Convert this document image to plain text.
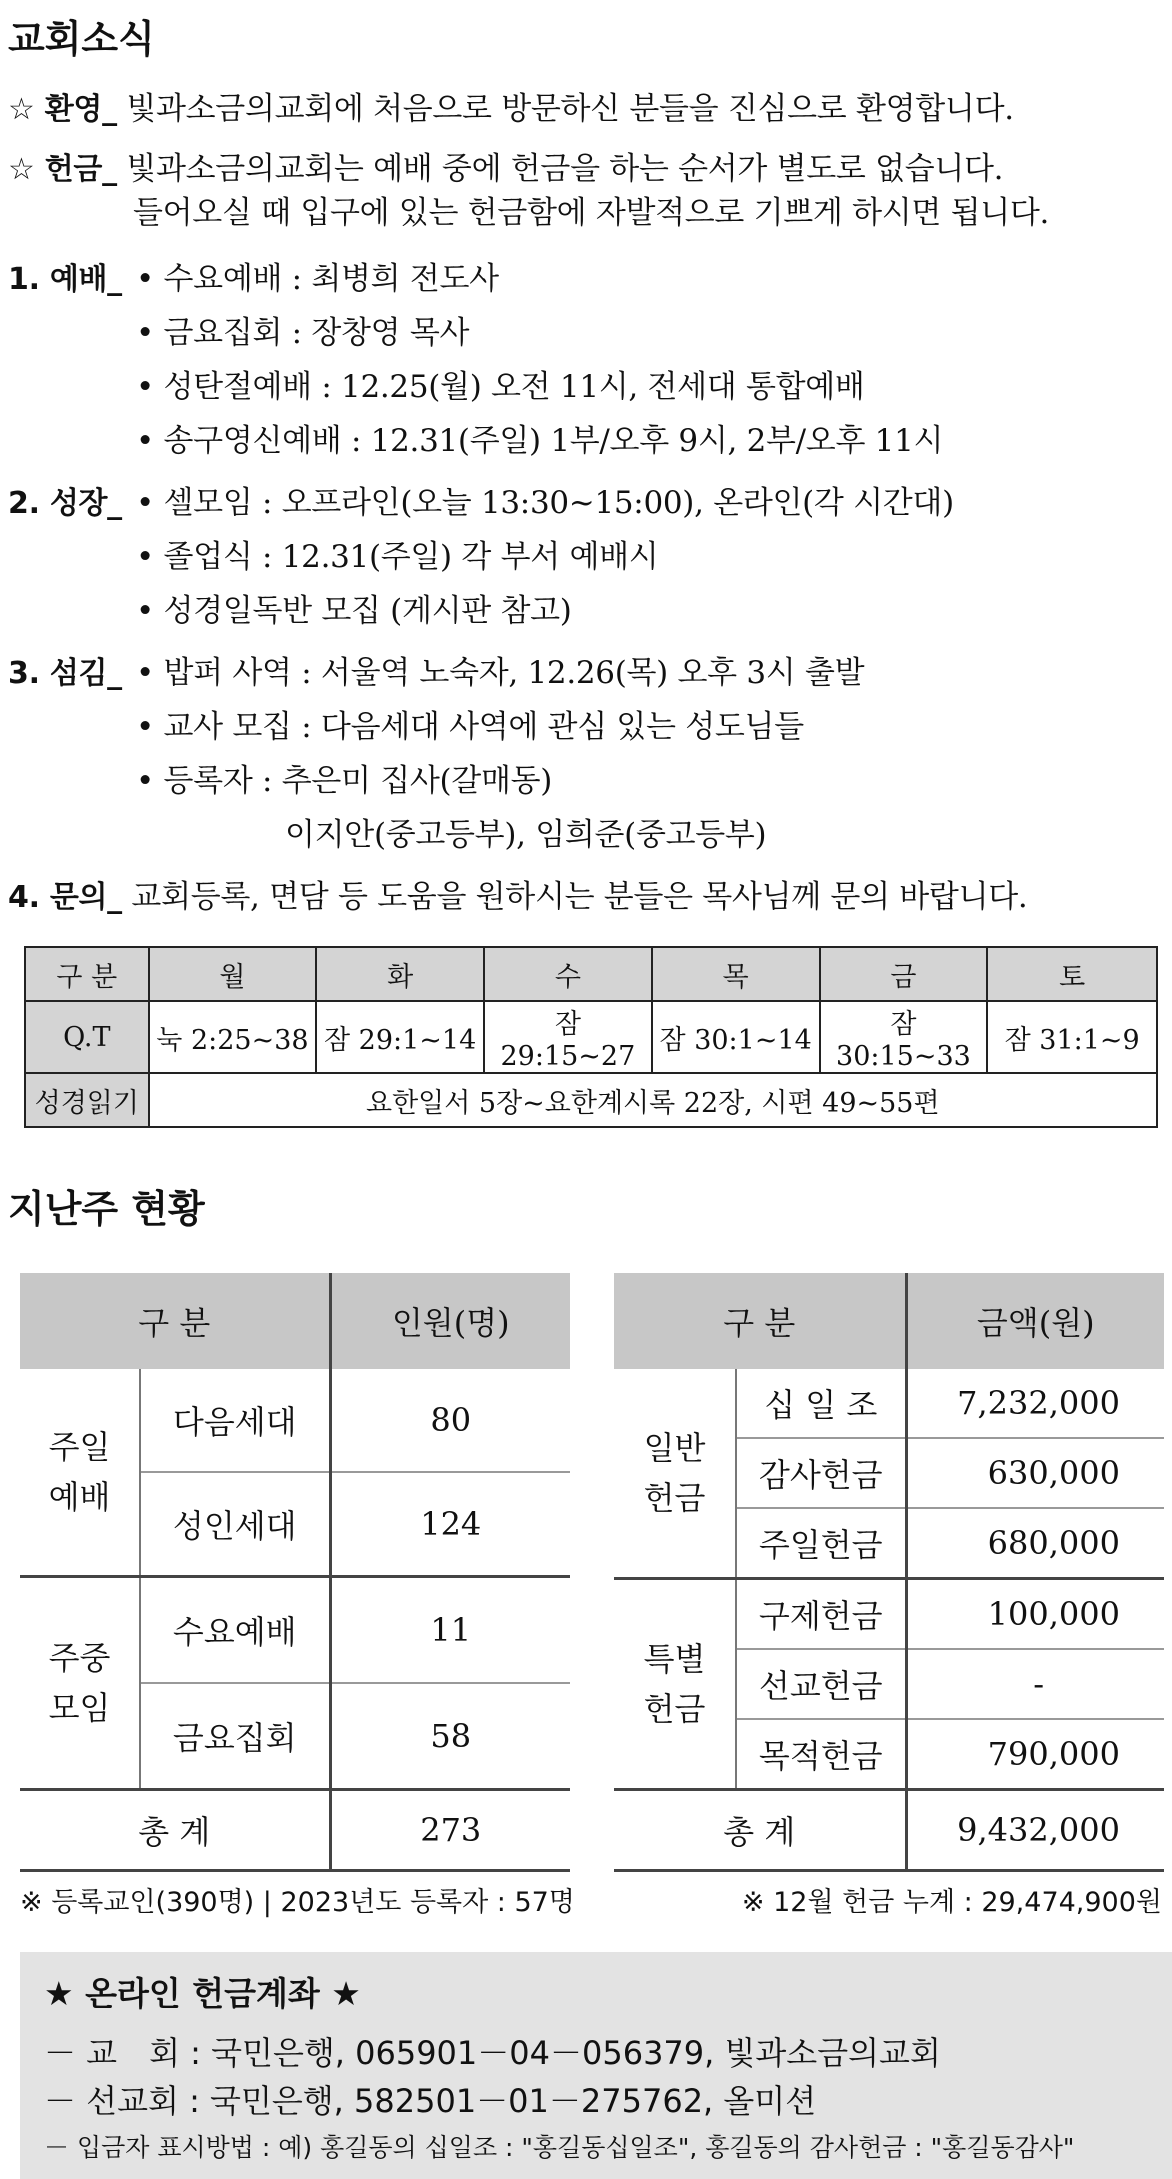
교회소식
☆ 환영_ 빛과소금의교회에 처음으로 방문하신 분들을 진심으로 환영합니다.
☆ 헌금_ 빛과소금의교회는 예배 중에 헌금을 하는 순서가 별도로 없습니다.
들어오실 때 입구에 있는 헌금함에 자발적으로 기쁘게 하시면 됩니다.
1. 예배_ • 수요예배 : 최병희 전도사
• 금요집회 : 장창영 목사
• 성탄절예배 : 12.25(월) 오전 11시, 전세대 통합예배
• 송구영신예배 : 12.31(주일) 1부/오후 9시, 2부/오후 11시
2. 성장_ • 셀모임 : 오프라인(오늘 13:30~15:00), 온라인(각 시간대)
• 졸업식 : 12.31(주일) 각 부서 예배시
• 성경일독반 모집 (게시판 참고)
3. 섬김_ • 밥퍼 사역 : 서울역 노숙자, 12.26(목) 오후 3시 출발
• 교사 모집 : 다음세대 사역에 관심 있는 성도님들
• 등록자 : 추은미 집사(갈매동)
이지안(중고등부), 임희준(중고등부)
4. 문의_ 교회등록, 면담 등 도움을 원하시는 분들은 목사님께 문의 바랍니다.
구 분	월	화	수	목	금	토
Q.T	눅 2:25~38	잠 29:1~14	잠 29:15~27	잠 30:1~14	잠 30:15~33	잠 31:1~9
성경읽기	요한일서 5장~요한계시록 22장, 시편 49~55편					
지난주 현황
구 분		인원(명)
주일
예배	다음세대	80
	성인세대	124
주중
모임	수요예배	11
	금요집회	58
총 계		273
구 분		금액(원)
일반
헌금	십 일 조	7,232,000
	감사헌금	630,000
	주일헌금	680,000
특별
헌금	구제헌금	100,000
	선교헌금	-
	목적헌금	790,000
총 계		9,432,000
※ 등록교인(390명) | 2023년도 등록자 : 57명	※ 12월 헌금 누계 : 29,474,900원
★ 온라인 헌금계좌 ★
－ 교　회 : 국민은행, 065901－04－056379, 빛과소금의교회
－ 선교회 : 국민은행, 582501－01－275762, 올미션
－ 입금자 표시방법 : 예) 홍길동의 십일조 : "홍길동십일조", 홍길동의 감사헌금 : "홍길동감사"
